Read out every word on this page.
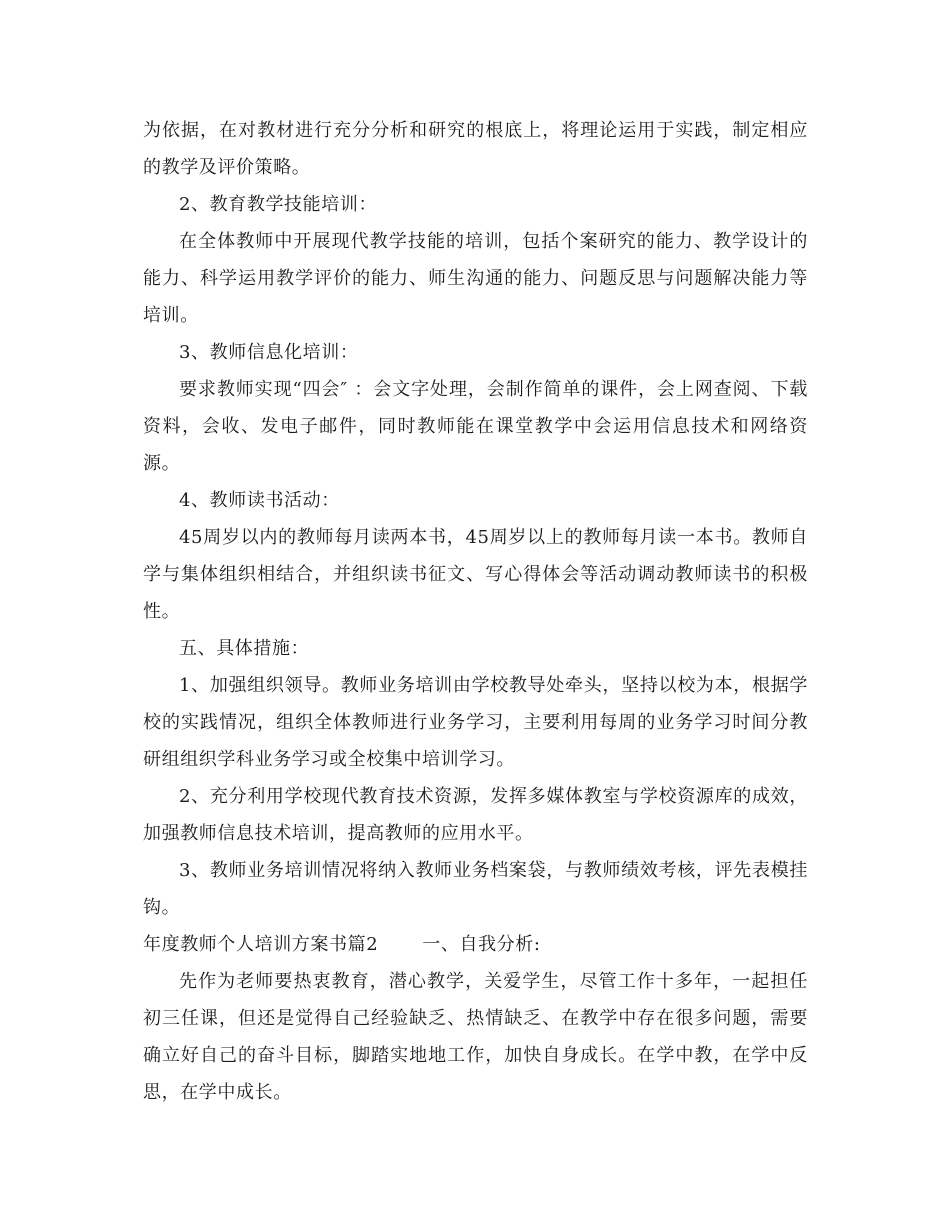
为依据，在对教材进行充分分析和研究的根底上，将理论运用于实践，制定相应的教学及评价策略。

2、教育教学技能培训：

在全体教师中开展现代教学技能的培训，包括个案研究的能力、教学设计的能力、科学运用教学评价的能力、师生沟通的能力、问题反思与问题解决能力等培训。

3、教师信息化培训：

要求教师实现“四会″ ：会文字处理，会制作简单的课件，会上网查阅、下载资料，会收、发电子邮件，同时教师能在课堂教学中会运用信息技术和网络资源。

4、教师读书活动：

45周岁以内的教师每月读两本书，45周岁以上的教师每月读一本书。教师自学与集体组织相结合，并组织读书征文、写心得体会等活动调动教师读书的积极性。

五、具体措施：

1、加强组织领导。教师业务培训由学校教导处牵头，坚持以校为本，根据学校的实践情况，组织全体教师进行业务学习，主要利用每周的业务学习时间分教研组组织学科业务学习或全校集中培训学习。

2、充分利用学校现代教育技术资源，发挥多媒体教室与学校资源库的成效，加强教师信息技术培训，提高教师的应用水平。

3、教师业务培训情况将纳入教师业务档案袋，与教师绩效考核，评先表模挂钩。

年度教师个人培训方案书篇2 一、自我分析:

先作为老师要热衷教育，潜心教学，关爱学生，尽管工作十多年，一起担任初三任课，但还是觉得自己经验缺乏、热情缺乏、在教学中存在很多问题，需要确立好自己的奋斗目标，脚踏实地地工作，加快自身成长。在学中教，在学中反思，在学中成长。
